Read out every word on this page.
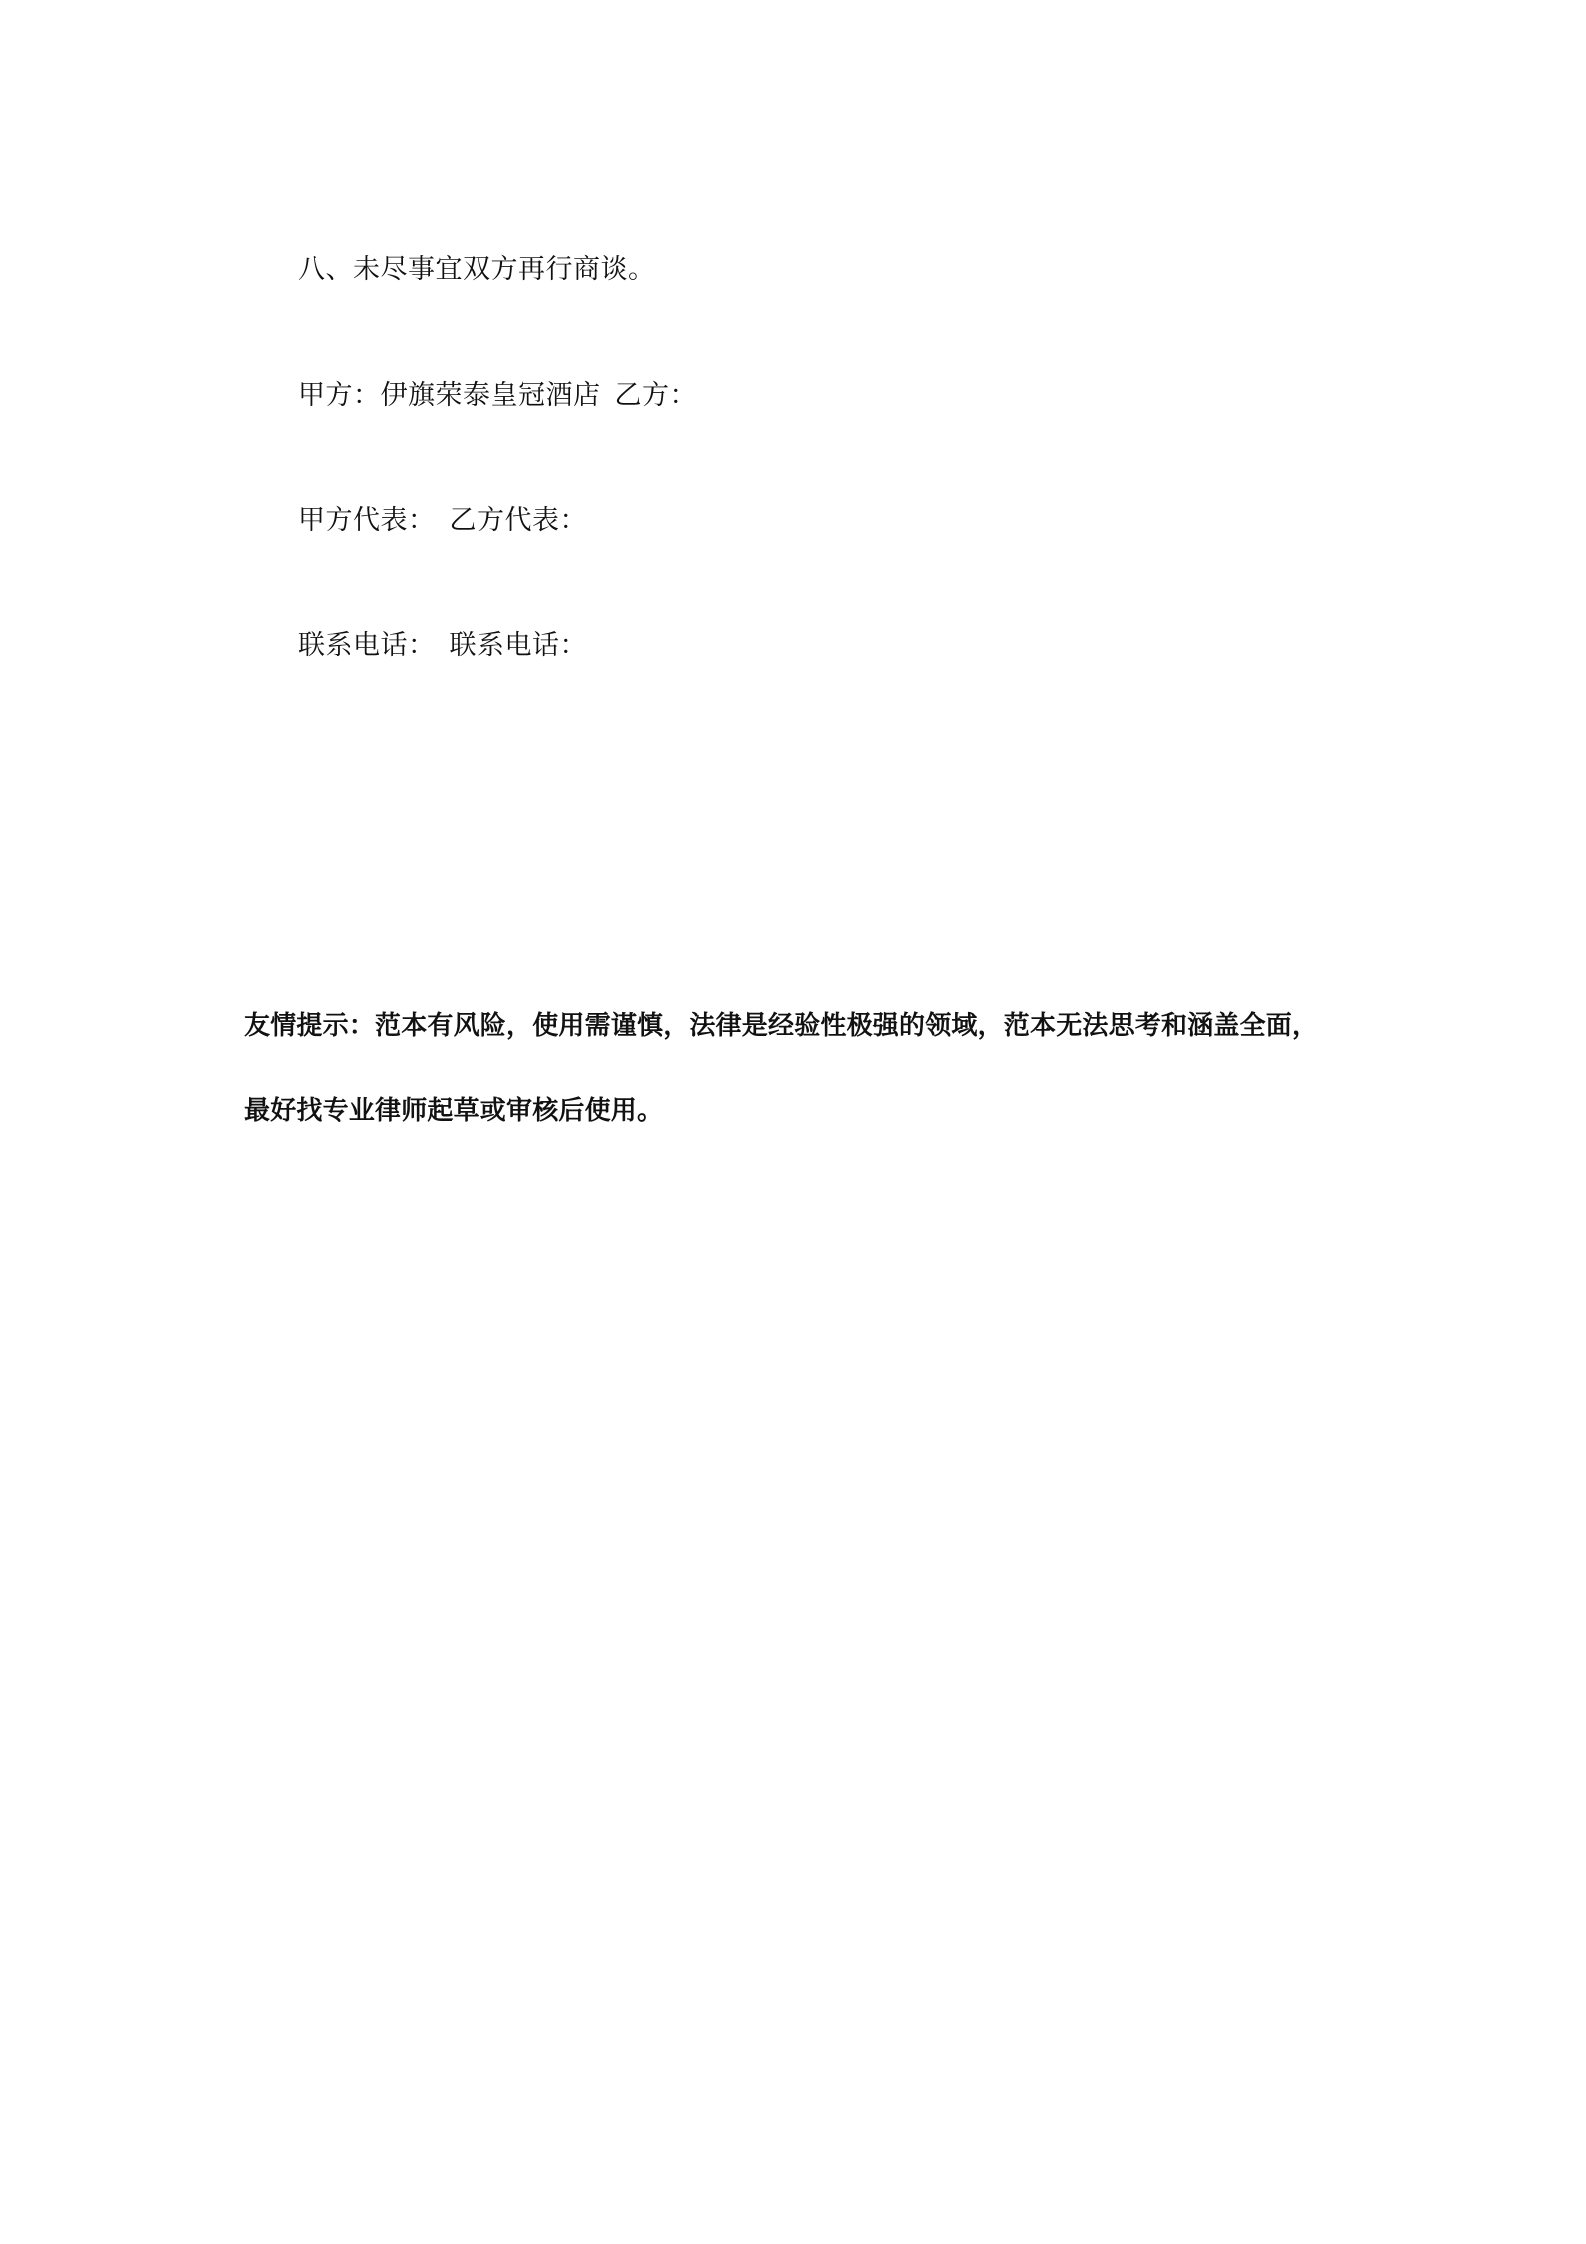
八、未尽事宜双方再行商谈。
甲方：伊旗荣泰皇冠酒店 乙方：
甲方代表： 乙方代表：
联系电话： 联系电话：
友情提示：范本有风险，使用需谨慎，法律是经验性极强的领域，范本无法思考和涵盖全面，
最好找专业律师起草或审核后使用。
